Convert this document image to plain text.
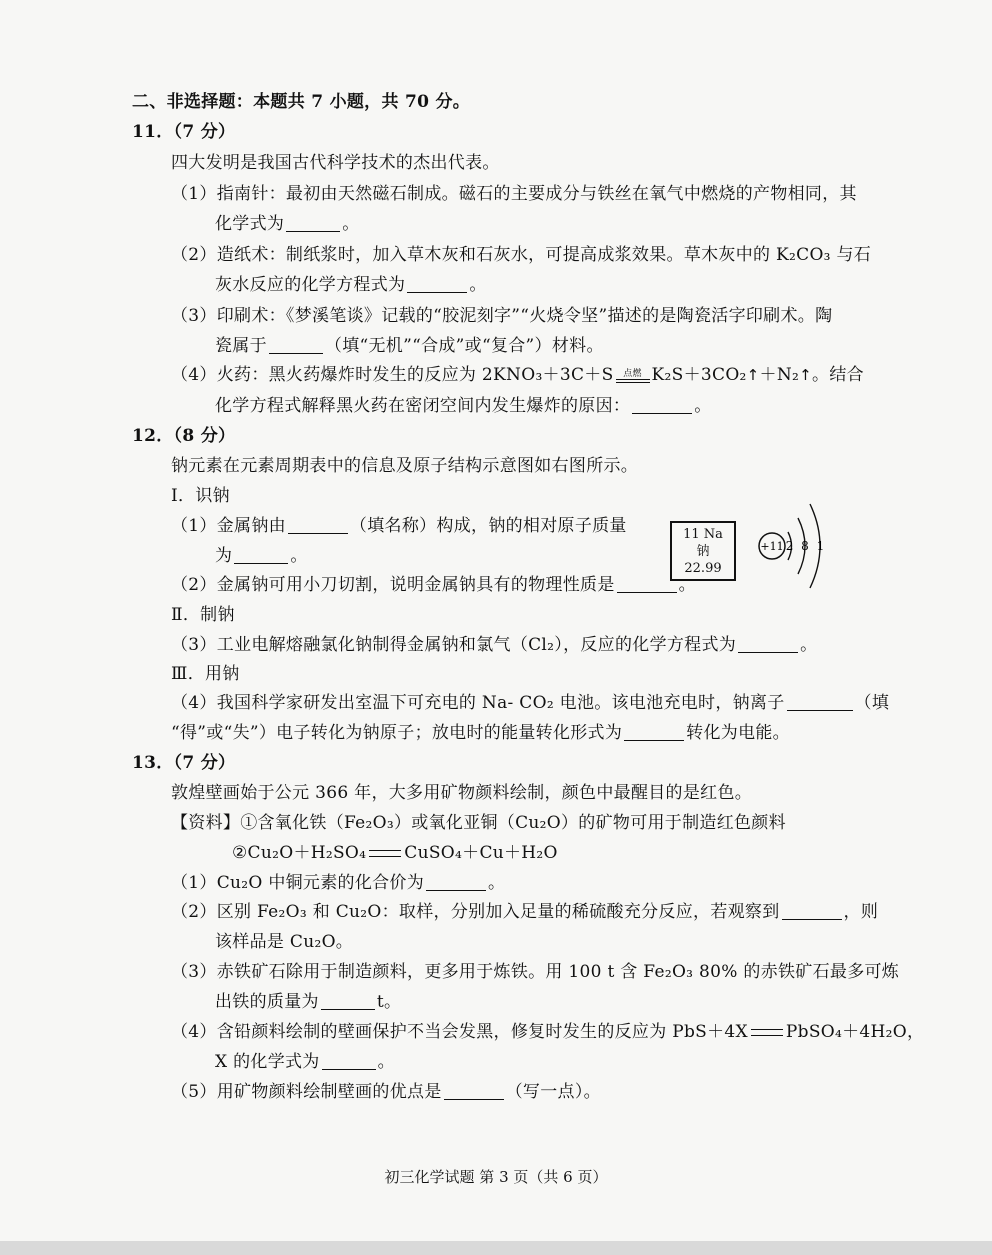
二、非选择题：本题共 7 小题，共 70 分。
11．（7 分）
四大发明是我国古代科学技术的杰出代表。
（1）指南针：最初由天然磁石制成。磁石的主要成分与铁丝在氧气中燃烧的产物相同，其
化学式为	。
（2）造纸术：制纸浆时，加入草木灰和石灰水，可提高成浆效果。草木灰中的 K₂CO₃ 与石
灰水反应的化学方程式为	。
（3）印刷术：《梦溪笔谈》记载的“胶泥刻字”“火烧令坚”描述的是陶瓷活字印刷术。陶
瓷属于	（填“无机”“合成”或“复合”）材料。
（4）火药：黑火药爆炸时发生的反应为 2KNO₃＋3C＋S 点燃 K₂S＋3CO₂↑＋N₂↑。结合
化学方程式解释黑火药在密闭空间内发生爆炸的原因：	。
12．（8 分）
钠元素在元素周期表中的信息及原子结构示意图如右图所示。
Ⅰ．识钠
（1）金属钠由	（填名称）构成，钠的相对原子质量
为	。
（2）金属钠可用小刀切割，说明金属钠具有的物理性质是	。
11 Na
钠
22.99
+11 2 8 1
Ⅱ．制钠
（3）工业电解熔融氯化钠制得金属钠和氯气（Cl₂），反应的化学方程式为	。
Ⅲ．用钠
（4）我国科学家研发出室温下可充电的 Na- CO₂ 电池。该电池充电时，钠离子	（填
“得”或“失”）电子转化为钠原子；放电时的能量转化形式为	转化为电能。
13．（7 分）
敦煌壁画始于公元 366 年，大多用矿物颜料绘制，颜色中最醒目的是红色。
【资料】①含氧化铁（Fe₂O₃）或氧化亚铜（Cu₂O）的矿物可用于制造红色颜料
②Cu₂O＋H₂SO₄ CuSO₄＋Cu＋H₂O
（1）Cu₂O 中铜元素的化合价为	。
（2）区别 Fe₂O₃ 和 Cu₂O：取样，分别加入足量的稀硫酸充分反应，若观察到	，则
该样品是 Cu₂O。
（3）赤铁矿石除用于制造颜料，更多用于炼铁。用 100 t 含 Fe₂O₃ 80% 的赤铁矿石最多可炼
出铁的质量为	t。
（4）含铅颜料绘制的壁画保护不当会发黑，修复时发生的反应为 PbS＋4X PbSO₄＋4H₂O，
X 的化学式为	。
（5）用矿物颜料绘制壁画的优点是	（写一点）。
初三化学试题 第 3 页（共 6 页）
